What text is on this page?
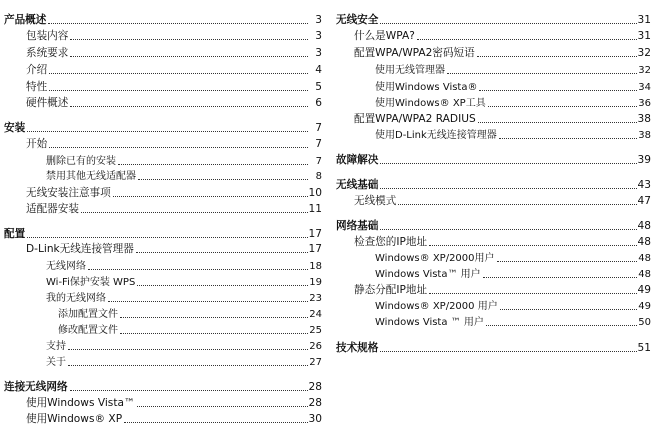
产品概述	3
包装内容	3
系统要求	3
介绍	4
特性	5
硬件概述	6
安装	7
开始	7
删除已有的安装	7
禁用其他无线适配器	8
无线安装注意事项	10
适配器安装	11
配置	17
D-Link无线连接管理器	17
无线网络	18
Wi-Fi保护安装 WPS	19
我的无线网络	23
添加配置文件	24
修改配置文件	25
支持	26
关于	27
连接无线网络	28
使用Windows Vista™	28
使用Windows® XP	30
无线安全	31
什么是WPA?	31
配置WPA/WPA2密码短语	32
使用无线管理器	32
使用Windows Vista®	34
使用Windows® XP工具	36
配置WPA/WPA2 RADIUS	38
使用D-Link无线连接管理器	38
故障解决	39
无线基础	43
无线模式	47
网络基础	48
检查您的IP地址	48
Windows® XP/2000用户	48
Windows Vista™ 用户	48
静态分配IP地址	49
Windows® XP/2000 用户	49
Windows Vista ™ 用户	50
技术规格	51
